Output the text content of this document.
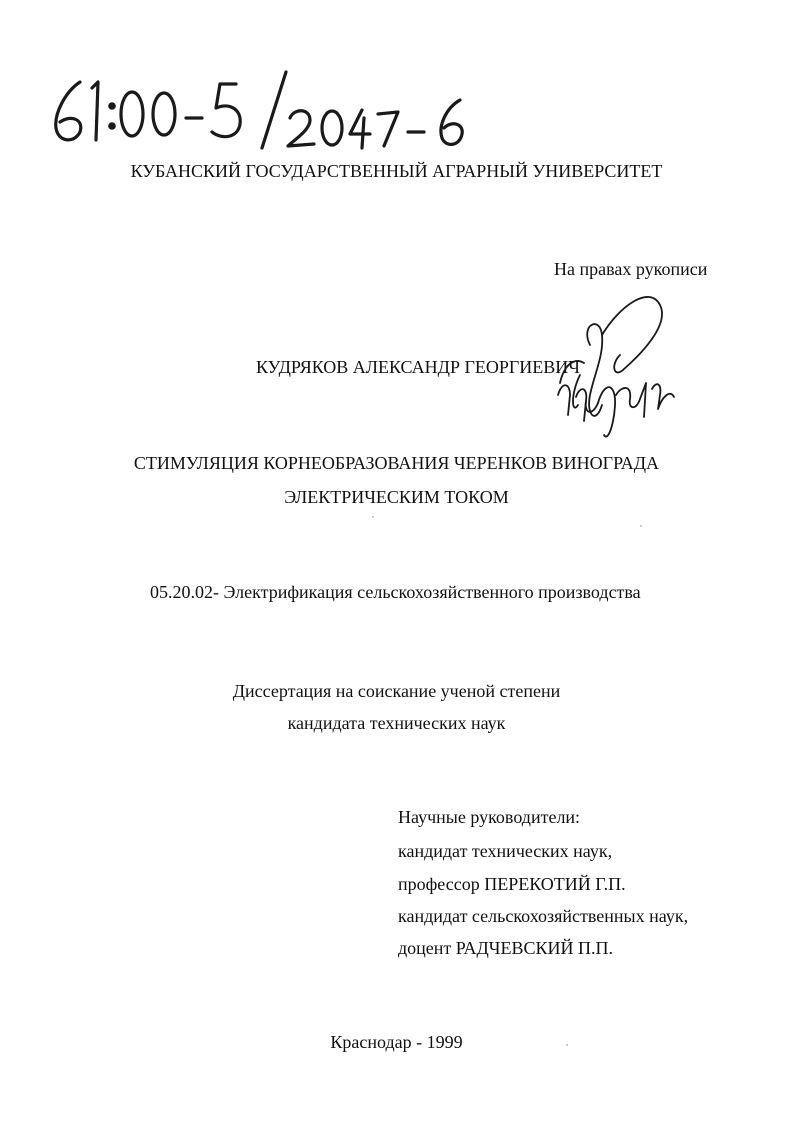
КУБАНСКИЙ ГОСУДАРСТВЕННЫЙ АГРАРНЫЙ УНИВЕРСИТЕТ
На правах рукописи
КУДРЯКОВ АЛЕКСАНДР ГЕОРГИЕВИЧ
СТИМУЛЯЦИЯ КОРНЕОБРАЗОВАНИЯ ЧЕРЕНКОВ ВИНОГРАДА
ЭЛЕКТРИЧЕСКИМ ТОКОМ
05.20.02- Электрификация сельскохозяйственного производства
Диссертация на соискание ученой степени
кандидата технических наук
Научные руководители:
кандидат технических наук,
профессор ПЕРЕКОТИЙ Г.П.
кандидат сельскохозяйственных наук,
доцент РАДЧЕВСКИЙ П.П.
Краснодар - 1999
